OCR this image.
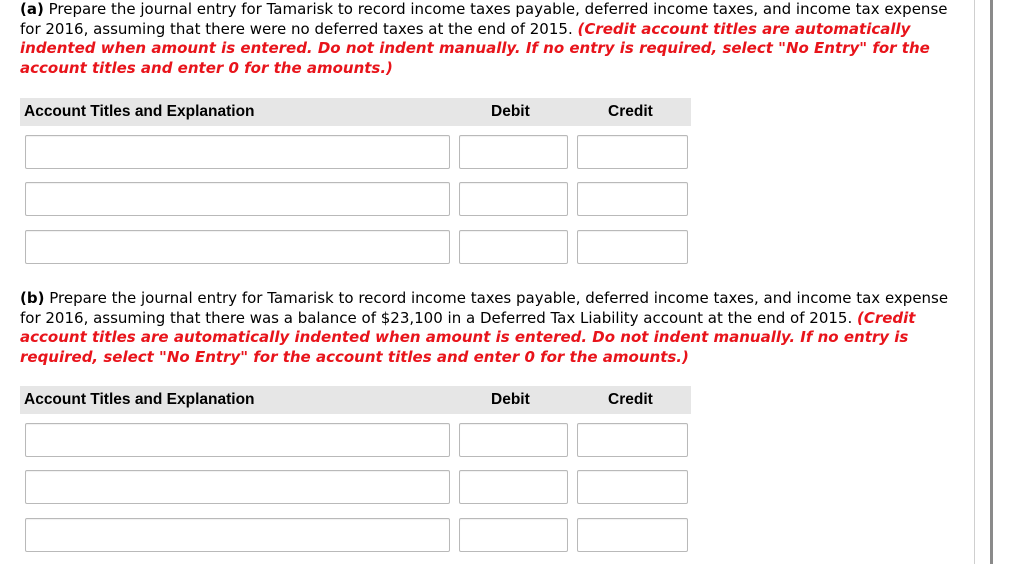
(a) Prepare the journal entry for Tamarisk to record income taxes payable, deferred income taxes, and income tax expense for 2016, assuming that there were no deferred taxes at the end of 2015. (Credit account titles are automatically indented when amount is entered. Do not indent manually. If no entry is required, select "No Entry" for the account titles and enter 0 for the amounts.)
Account Titles and Explanation	Debit	Credit
(b) Prepare the journal entry for Tamarisk to record income taxes payable, deferred income taxes, and income tax expense for 2016, assuming that there was a balance of $23,100 in a Deferred Tax Liability account at the end of 2015. (Credit account titles are automatically indented when amount is entered. Do not indent manually. If no entry is required, select "No Entry" for the account titles and enter 0 for the amounts.)
Account Titles and Explanation	Debit	Credit
